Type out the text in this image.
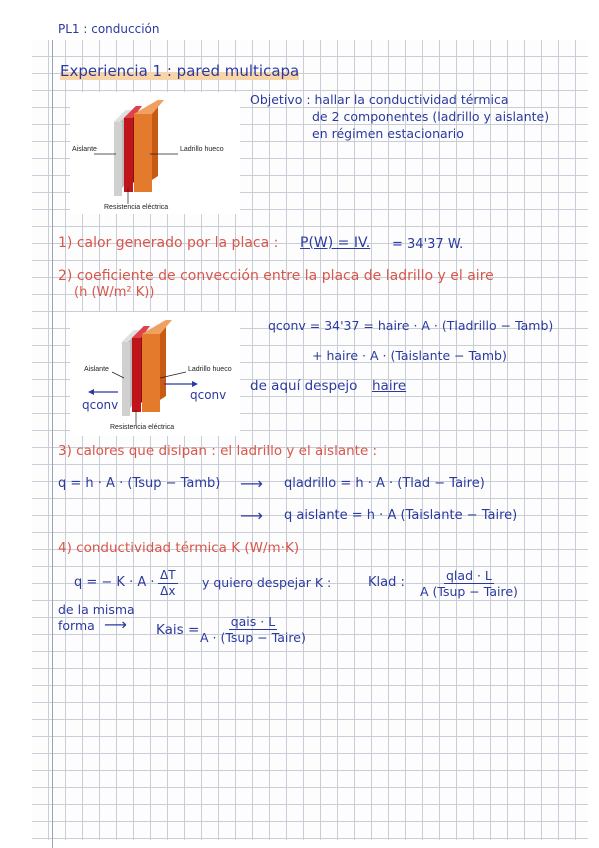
PL1 : conducción
Experiencia 1 : pared multicapa
Aislante	Ladrillo hueco
Resistencia eléctrica
Objetivo : hallar la conductividad térmica
de 2 componentes (ladrillo y aislante)
en régimen estacionario
1) calor generado por la placa : P(W) = IV. = 34'37 W.
2) coeficiente de convección entre la placa de ladrillo y el aire
(h (W/m² K))
Aislante	Ladrillo hueco
Resistencia eléctrica
qconv
qconv
qconv = 34'37 = haire · A · (Tladrillo − Tamb)
+ haire · A · (Taislante − Tamb)
de aquí despejo haire
3) calores que disipan : el ladrillo y el aislante :
q = h · A · (Tsup − Tamb) ⟶ qladrillo = h · A · (Tlad − Taire)
⟶ q aislante = h · A (Taislante − Taire)
4) conductividad térmica K (W/m·K)
q = − $K \cdot A \cdot \frac{\Delta T}{\Delta x}$ y quiero despejar K :	Klad :	qlad · L
A (Tsup − Taire)
de la misma
forma ⟶ Kais =
qais · L
A · (Tsup − Taire)
